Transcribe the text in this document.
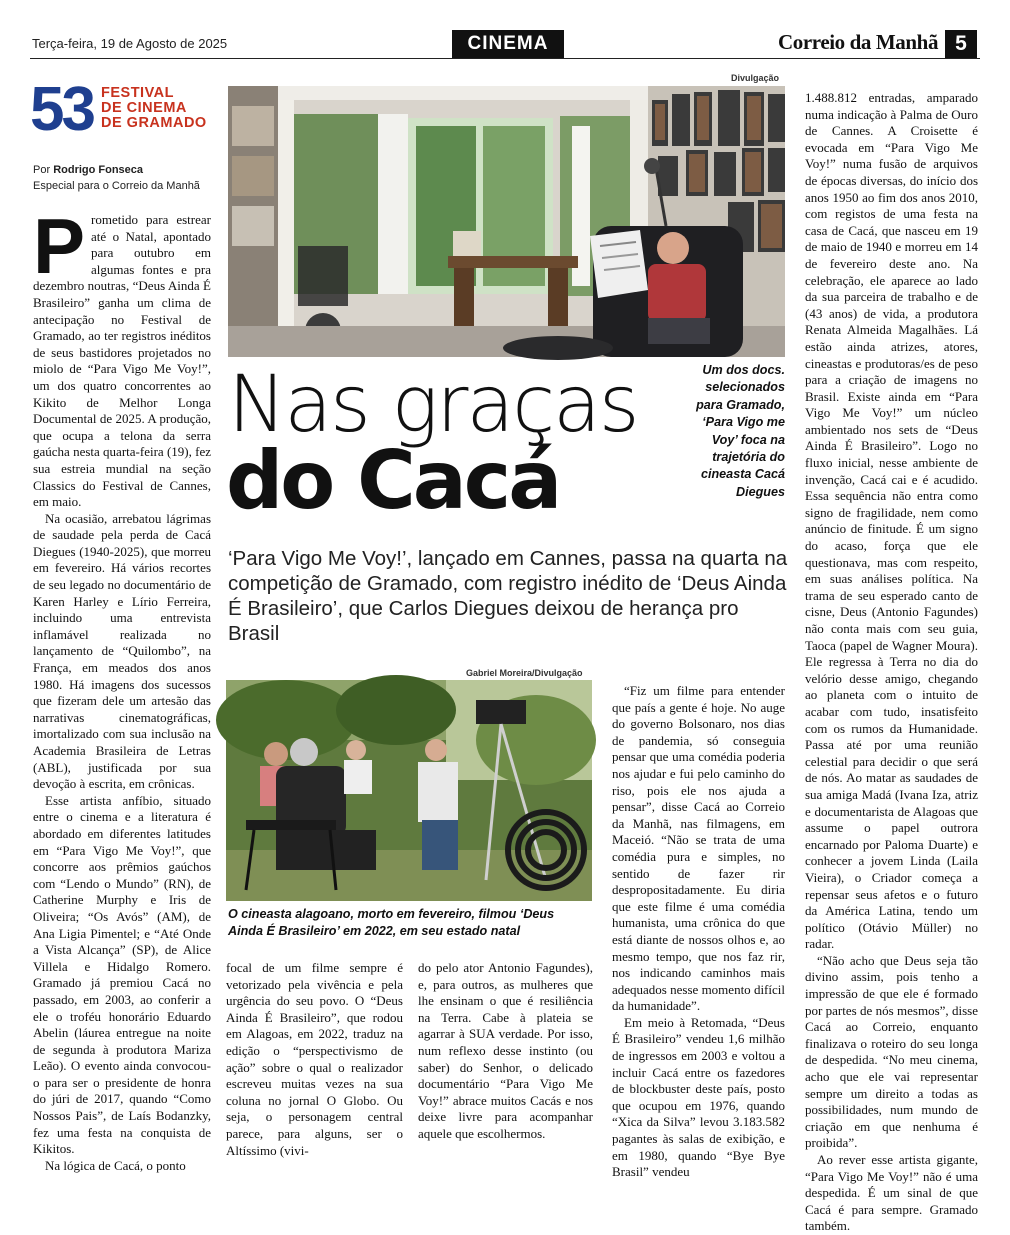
Terça-feira, 19 de Agosto de 2025	CINEMA	Correio da Manhã 5
53 FESTIVAL
DE CINEMA
DE GRAMADO
Por Rodrigo Fonseca
Especial para o Correio da Manhã
Divulgação
Um dos docs. selecionados para Gramado, ‘Para Vigo me Voy’ foca na trajetória do cineasta Cacá Diegues
Nas graças
do Cacá
‘Para Vigo Me Voy!’, lançado em Cannes, passa na quarta na competição de Gramado, com registro inédito de ‘Deus Ainda É Brasileiro’, que Carlos Diegues deixou de herança pro Brasil
Gabriel Moreira/Divulgação
O cineasta alagoano, morto em fevereiro, filmou ‘Deus Ainda É Brasileiro’ em 2022, em seu estado natal

Prometido para estrear até o Natal, apontado para outubro em algumas fontes e pra dezembro noutras, “Deus Ainda É Brasileiro” ganha um clima de antecipação no Festival de Gramado, ao ter registros inéditos de seus bastidores projetados no miolo de “Para Vigo Me Voy!”, um dos quatro concorrentes ao Kikito de Melhor Longa Documental de 2025. A produção, que ocupa a telona da serra gaúcha nesta quarta-feira (19), fez sua estreia mundial na seção Classics do Festival de Cannes, em maio.

Na ocasião, arrebatou lágrimas de saudade pela perda de Cacá Diegues (1940-2025), que morreu em fevereiro. Há vários recortes de seu legado no documentário de Karen Harley e Lírio Ferreira, incluindo uma entrevista inflamável realizada no lançamento de “Quilombo”, na França, em meados dos anos 1980. Há imagens dos sucessos que fizeram dele um artesão das narrativas cinematográficas, imortalizado com sua inclusão na Academia Brasileira de Letras (ABL), justificada por sua devoção à escrita, em crônicas.

Esse artista anfíbio, situado entre o cinema e a literatura é abordado em diferentes latitudes em “Para Vigo Me Voy!”, que concorre aos prêmios gaúchos com “Lendo o Mundo” (RN), de Catherine Murphy e Iris de Oliveira; “Os Avós” (AM), de Ana Ligia Pimentel; e “Até Onde a Vista Alcança” (SP), de Alice Villela e Hidalgo Romero. Gramado já premiou Cacá no passado, em 2003, ao conferir a ele o troféu honorário Eduardo Abelin (láurea entregue na noite de segunda à produtora Mariza Leão). O evento ainda convocou-o para ser o presidente de honra do júri de 2017, quando “Como Nossos Pais”, de Laís Bodanzky, fez uma festa na conquista de Kikitos.

Na lógica de Cacá, o ponto

focal de um filme sempre é vetorizado pela vivência e pela urgência do seu povo. O “Deus Ainda É Brasileiro”, que rodou em Alagoas, em 2022, traduz na edição o “perspectivismo de ação” sobre o qual o realizador escreveu muitas vezes na sua coluna no jornal O Globo. Ou seja, o personagem central parece, para alguns, ser o Altíssimo (vivi-

do pelo ator Antonio Fagundes), e, para outros, as mulheres que lhe ensinam o que é resiliência na Terra. Cabe à plateia se agarrar à SUA verdade. Por isso, num reflexo desse instinto (ou saber) do Senhor, o delicado documentário “Para Vigo Me Voy!” abrace muitos Cacás e nos deixe livre para acompanhar aquele que escolhermos.

“Fiz um filme para entender que país a gente é hoje. No auge do governo Bolsonaro, nos dias de pandemia, só conseguia pensar que uma comédia poderia nos ajudar e fui pelo caminho do riso, pois ele nos ajuda a pensar”, disse Cacá ao Correio da Manhã, nas filmagens, em Maceió. “Não se trata de uma comédia pura e simples, no sentido de fazer rir despropositadamente. Eu diria que este filme é uma comédia humanista, uma crônica do que está diante de nossos olhos e, ao mesmo tempo, que nos faz rir, nos indicando caminhos mais adequados nesse momento difícil da humanidade”.

Em meio à Retomada, “Deus É Brasileiro” vendeu 1,6 milhão de ingressos em 2003 e voltou a incluir Cacá entre os fazedores de blockbuster deste país, posto que ocupou em 1976, quando “Xica da Silva” levou 3.183.582 pagantes às salas de exibição, e em 1980, quando “Bye Bye Brasil” vendeu

1.488.812 entradas, amparado numa indicação à Palma de Ouro de Cannes. A Croisette é evocada em “Para Vigo Me Voy!” numa fusão de arquivos de épocas diversas, do início dos anos 1950 ao fim dos anos 2010, com registos de uma festa na casa de Cacá, que nasceu em 19 de maio de 1940 e morreu em 14 de fevereiro deste ano. Na celebração, ele aparece ao lado da sua parceira de trabalho e de (43 anos) de vida, a produtora Renata Almeida Magalhães. Lá estão ainda atrizes, atores, cineastas e produtoras/es de peso para a criação de imagens no Brasil. Existe ainda em “Para Vigo Me Voy!” um núcleo ambientado nos sets de “Deus Ainda É Brasileiro”. Logo no fluxo inicial, nesse ambiente de invenção, Cacá cai e é acudido. Essa sequência não entra como signo de fragilidade, nem como anúncio de finitude. É um signo do acaso, força que ele questionava, mas com respeito, em suas análises política. Na trama de seu esperado canto de cisne, Deus (Antonio Fagundes) não conta mais com seu guia, Taoca (papel de Wagner Moura). Ele regressa à Terra no dia do velório desse amigo, chegando ao planeta com o intuito de acabar com tudo, insatisfeito com os rumos da Humanidade. Passa até por uma reunião celestial para decidir o que será de nós. Ao matar as saudades de sua amiga Madá (Ivana Iza, atriz e documentarista de Alagoas que assume o papel outrora encarnado por Paloma Duarte) e conhecer a jovem Linda (Laila Vieira), o Criador começa a repensar seus afetos e o futuro da América Latina, tendo um político (Otávio Müller) no radar.

“Não acho que Deus seja tão divino assim, pois tenho a impressão de que ele é formado por partes de nós mesmos”, disse Cacá ao Correio, enquanto finalizava o roteiro do seu longa de despedida. “No meu cinema, acho que ele vai representar sempre um direito a todas as possibilidades, num mundo de criação em que nenhuma é proibida”.

Ao rever esse artista gigante, “Para Vigo Me Voy!” não é uma despedida. É um sinal de que Cacá é para sempre. Gramado também.
